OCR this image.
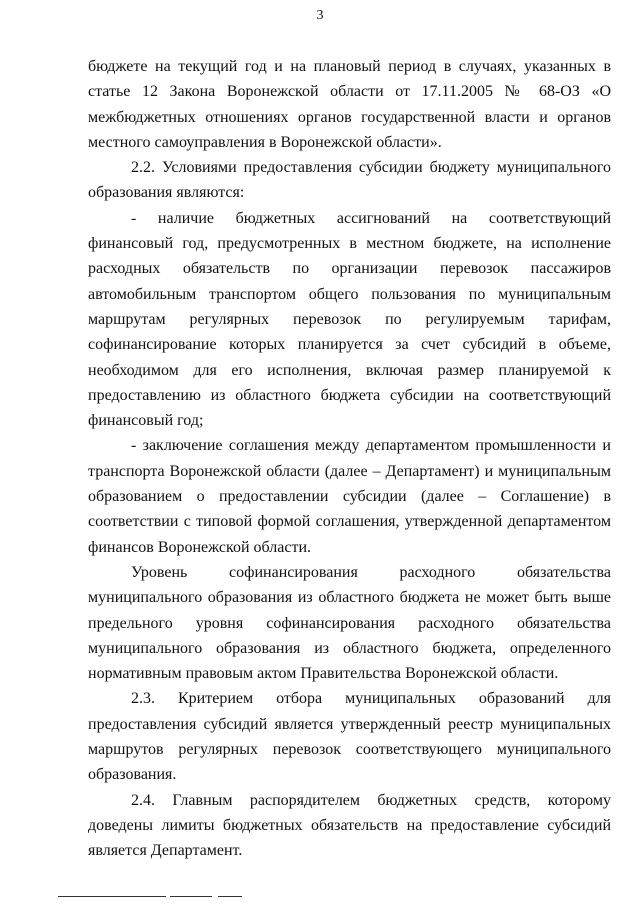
3

бюджете на текущий год и на плановый период в случаях, указанных в статье 12 Закона Воронежской области от 17.11.2005 № 68-ОЗ «О межбюджетных отношениях органов государственной власти и органов местного самоуправления в Воронежской области».

2.2. Условиями предоставления субсидии бюджету муниципального образования являются:

- наличие бюджетных ассигнований на соответствующий финансовый год, предусмотренных в местном бюджете, на исполнение расходных обязательств по организации перевозок пассажиров автомобильным транспортом общего пользования по муниципальным маршрутам регулярных перевозок по регулируемым тарифам, софинансирование которых планируется за счет субсидий в объеме, необходимом для его исполнения, включая размер планируемой к предоставлению из областного бюджета субсидии на соответствующий финансовый год;

- заключение соглашения между департаментом промышленности и транспорта Воронежской области (далее – Департамент) и муниципальным образованием о предоставлении субсидии (далее – Соглашение) в соответствии с типовой формой соглашения, утвержденной департаментом финансов Воронежской области.

Уровень софинансирования расходного обязательства муниципального образования из областного бюджета не может быть выше предельного уровня софинансирования расходного обязательства муниципального образования из областного бюджета, определенного нормативным правовым актом Правительства Воронежской области.

2.3. Критерием отбора муниципальных образований для предоставления субсидий является утвержденный реестр муниципальных маршрутов регулярных перевозок соответствующего муниципального образования.

2.4. Главным распорядителем бюджетных средств, которому доведены лимиты бюджетных обязательств на предоставление субсидий является Департамент.
